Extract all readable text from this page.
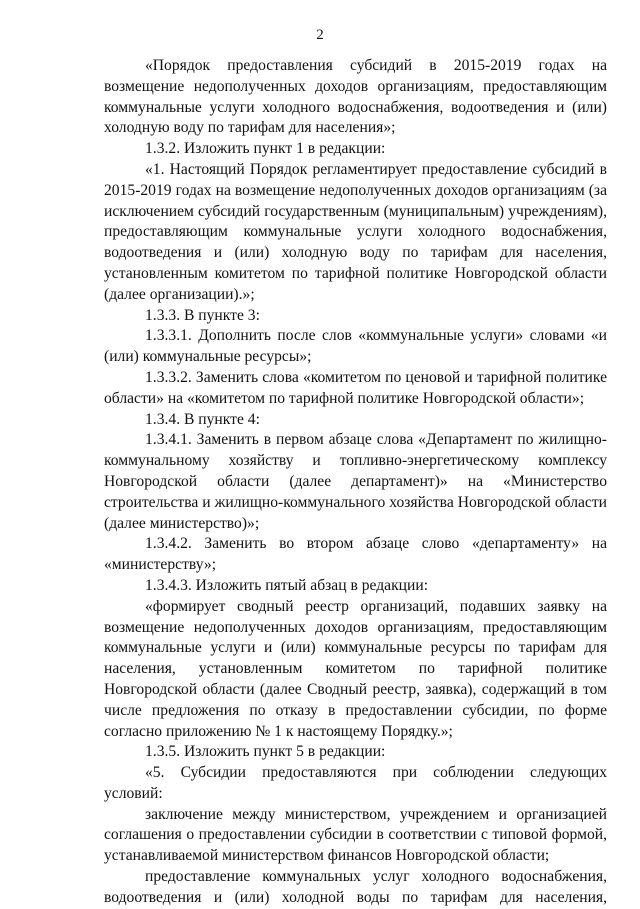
2

«Порядок предоставления субсидий в 2015-2019 годах на возмещение недополученных доходов организациям, предоставляющим коммунальные услуги холодного водоснабжения, водоотведения и (или) холодную воду по тарифам для населения»;

1.3.2. Изложить пункт 1 в редакции:

«1. Настоящий Порядок регламентирует предоставление субсидий в 2015-2019 годах на возмещение недополученных доходов организациям (за исключением субсидий государственным (муниципальным) учреждениям), предоставляющим коммунальные услуги холодного водоснабжения, водоотведения и (или) холодную воду по тарифам для населения, установленным комитетом по тарифной политике Новгородской области (далее организации).»;

1.3.3. В пункте 3:

1.3.3.1. Дополнить после слов «коммунальные услуги» словами «и (или) коммунальные ресурсы»;

1.3.3.2. Заменить слова «комитетом по ценовой и тарифной политике области» на «комитетом по тарифной политике Новгородской области»;

1.3.4. В пункте 4:

1.3.4.1. Заменить в первом абзаце слова «Департамент по жилищно-коммунальному хозяйству и топливно-энергетическому комплексу Новгородской области (далее департамент)» на «Министерство строительства и жилищно-коммунального хозяйства Новгородской области (далее министерство)»;

1.3.4.2. Заменить во втором абзаце слово «департаменту» на «министерству»;

1.3.4.3. Изложить пятый абзац в редакции:

«формирует сводный реестр организаций, подавших заявку на возмещение недополученных доходов организациям, предоставляющим коммунальные услуги и (или) коммунальные ресурсы по тарифам для населения, установленным комитетом по тарифной политике Новгородской области (далее Сводный реестр, заявка), содержащий в том числе предложения по отказу в предоставлении субсидии, по форме согласно приложению № 1 к настоящему Порядку.»;

1.3.5. Изложить пункт 5 в редакции:

«5. Субсидии предоставляются при соблюдении следующих условий:

заключение между министерством, учреждением и организацией соглашения о предоставлении субсидии в соответствии с типовой формой, устанавливаемой министерством финансов Новгородской области;

предоставление коммунальных услуг холодного водоснабжения, водоотведения и (или) холодной воды по тарифам для населения,
